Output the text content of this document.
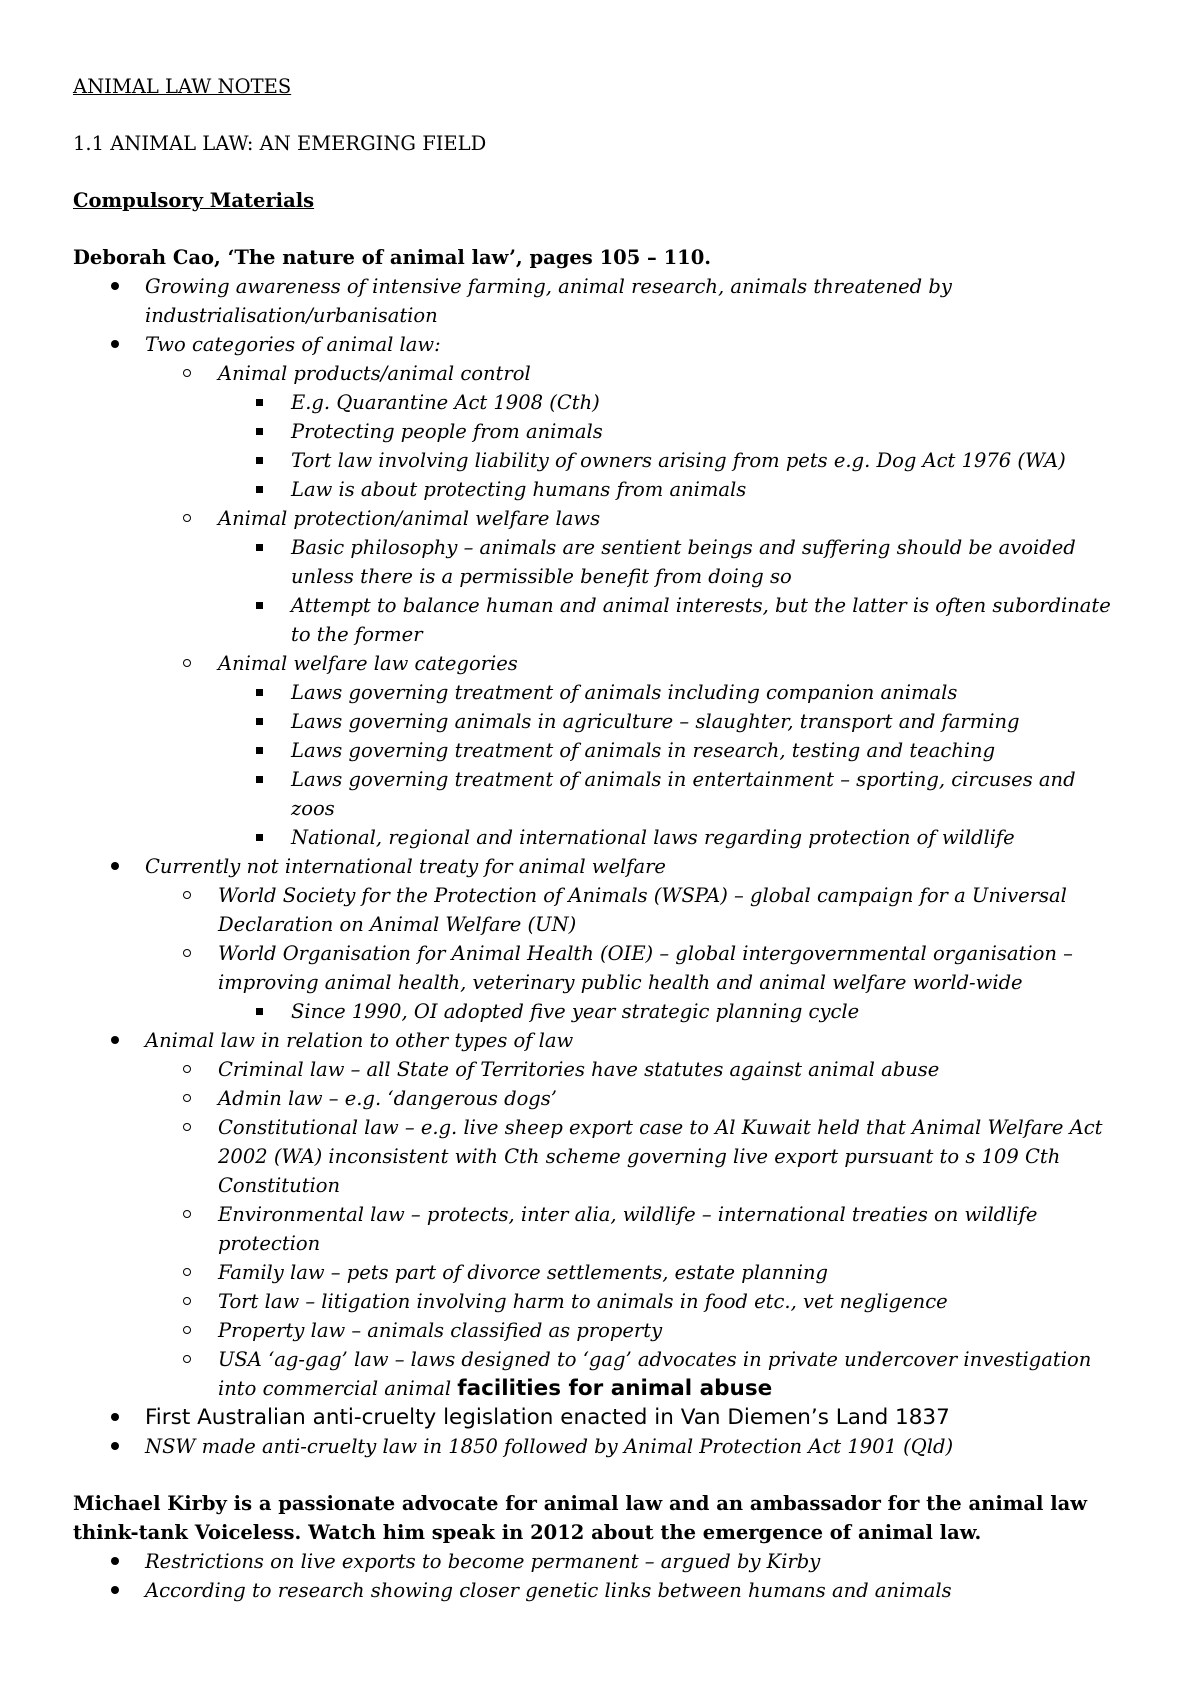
ANIMAL LAW NOTES
1.1 ANIMAL LAW: AN EMERGING FIELD
Compulsory Materials
Deborah Cao, ‘The nature of animal law’, pages 105 – 110.
Growing awareness of intensive farming, animal research, animals threatened by
industrialisation/urbanisation
Two categories of animal law:
Animal products/animal control
E.g. Quarantine Act 1908 (Cth)
Protecting people from animals
Tort law involving liability of owners arising from pets e.g. Dog Act 1976 (WA)
Law is about protecting humans from animals
Animal protection/animal welfare laws
Basic philosophy – animals are sentient beings and suffering should be avoided
unless there is a permissible benefit from doing so
Attempt to balance human and animal interests, but the latter is often subordinate
to the former
Animal welfare law categories
Laws governing treatment of animals including companion animals
Laws governing animals in agriculture – slaughter, transport and farming
Laws governing treatment of animals in research, testing and teaching
Laws governing treatment of animals in entertainment – sporting, circuses and
zoos
National, regional and international laws regarding protection of wildlife
Currently not international treaty for animal welfare
World Society for the Protection of Animals (WSPA) – global campaign for a Universal
Declaration on Animal Welfare (UN)
World Organisation for Animal Health (OIE) – global intergovernmental organisation –
improving animal health, veterinary public health and animal welfare world-wide
Since 1990, OI adopted five year strategic planning cycle
Animal law in relation to other types of law
Criminal law – all State of Territories have statutes against animal abuse
Admin law – e.g. ‘dangerous dogs’
Constitutional law – e.g. live sheep export case to Al Kuwait held that Animal Welfare Act
2002 (WA) inconsistent with Cth scheme governing live export pursuant to s 109 Cth
Constitution
Environmental law – protects, inter alia, wildlife – international treaties on wildlife
protection
Family law – pets part of divorce settlements, estate planning
Tort law – litigation involving harm to animals in food etc., vet negligence
Property law – animals classified as property
USA ‘ag-gag’ law – laws designed to ‘gag’ advocates in private undercover investigation
into commercial animal facilities for animal abuse
First Australian anti-cruelty legislation enacted in Van Diemen’s Land 1837
NSW made anti-cruelty law in 1850 followed by Animal Protection Act 1901 (Qld)
Michael Kirby is a passionate advocate for animal law and an ambassador for the animal law
think-tank Voiceless. Watch him speak in 2012 about the emergence of animal law.
Restrictions on live exports to become permanent – argued by Kirby
According to research showing closer genetic links between humans and animals
